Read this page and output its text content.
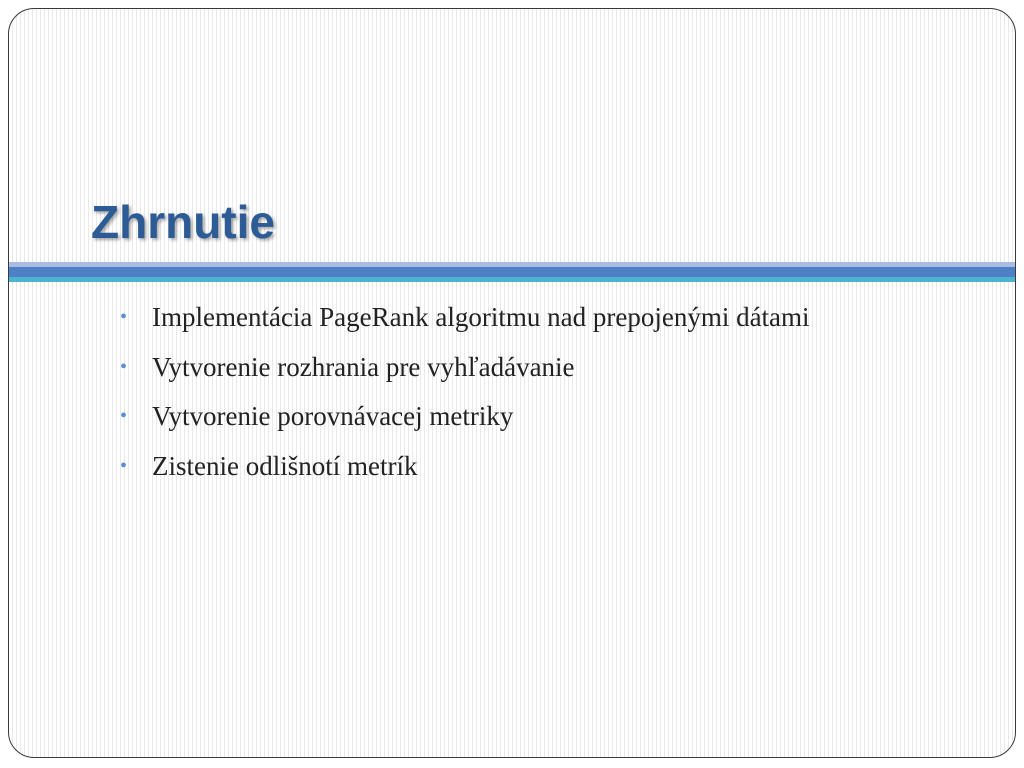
Zhrnutie
• Implementácia PageRank algoritmu nad prepojenými dátami
• Vytvorenie rozhrania pre vyhľadávanie
• Vytvorenie porovnávacej metriky
• Zistenie odlišnotí metrík
